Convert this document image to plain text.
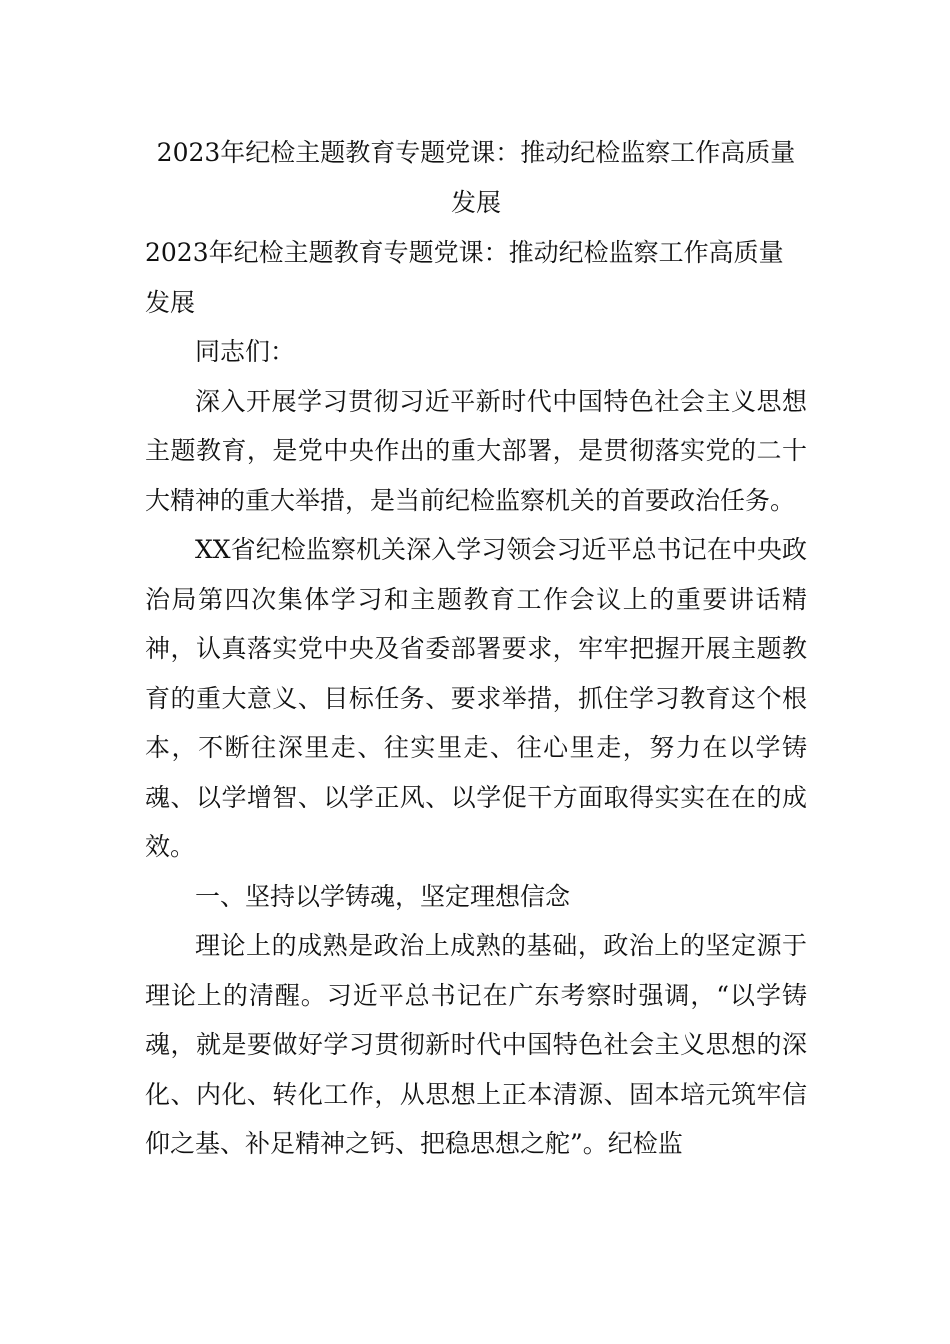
2023年纪检主题教育专题党课：推动纪检监察工作高质量发展

2023年纪检主题教育专题党课：推动纪检监察工作高质量发展

同志们：

深入开展学习贯彻习近平新时代中国特色社会主义思想主题教育，是党中央作出的重大部署，是贯彻落实党的二十大精神的重大举措，是当前纪检监察机关的首要政治任务。

XX省纪检监察机关深入学习领会习近平总书记在中央政治局第四次集体学习和主题教育工作会议上的重要讲话精神，认真落实党中央及省委部署要求，牢牢把握开展主题教育的重大意义、目标任务、要求举措，抓住学习教育这个根本，不断往深里走、往实里走、往心里走，努力在以学铸魂、以学增智、以学正风、以学促干方面取得实实在在的成效。

一、坚持以学铸魂，坚定理想信念

理论上的成熟是政治上成熟的基础，政治上的坚定源于理论上的清醒。习近平总书记在广东考察时强调，“以学铸魂，就是要做好学习贯彻新时代中国特色社会主义思想的深化、内化、转化工作，从思想上正本清源、固本培元筑牢信仰之基、补足精神之钙、把稳思想之舵”。纪检监
